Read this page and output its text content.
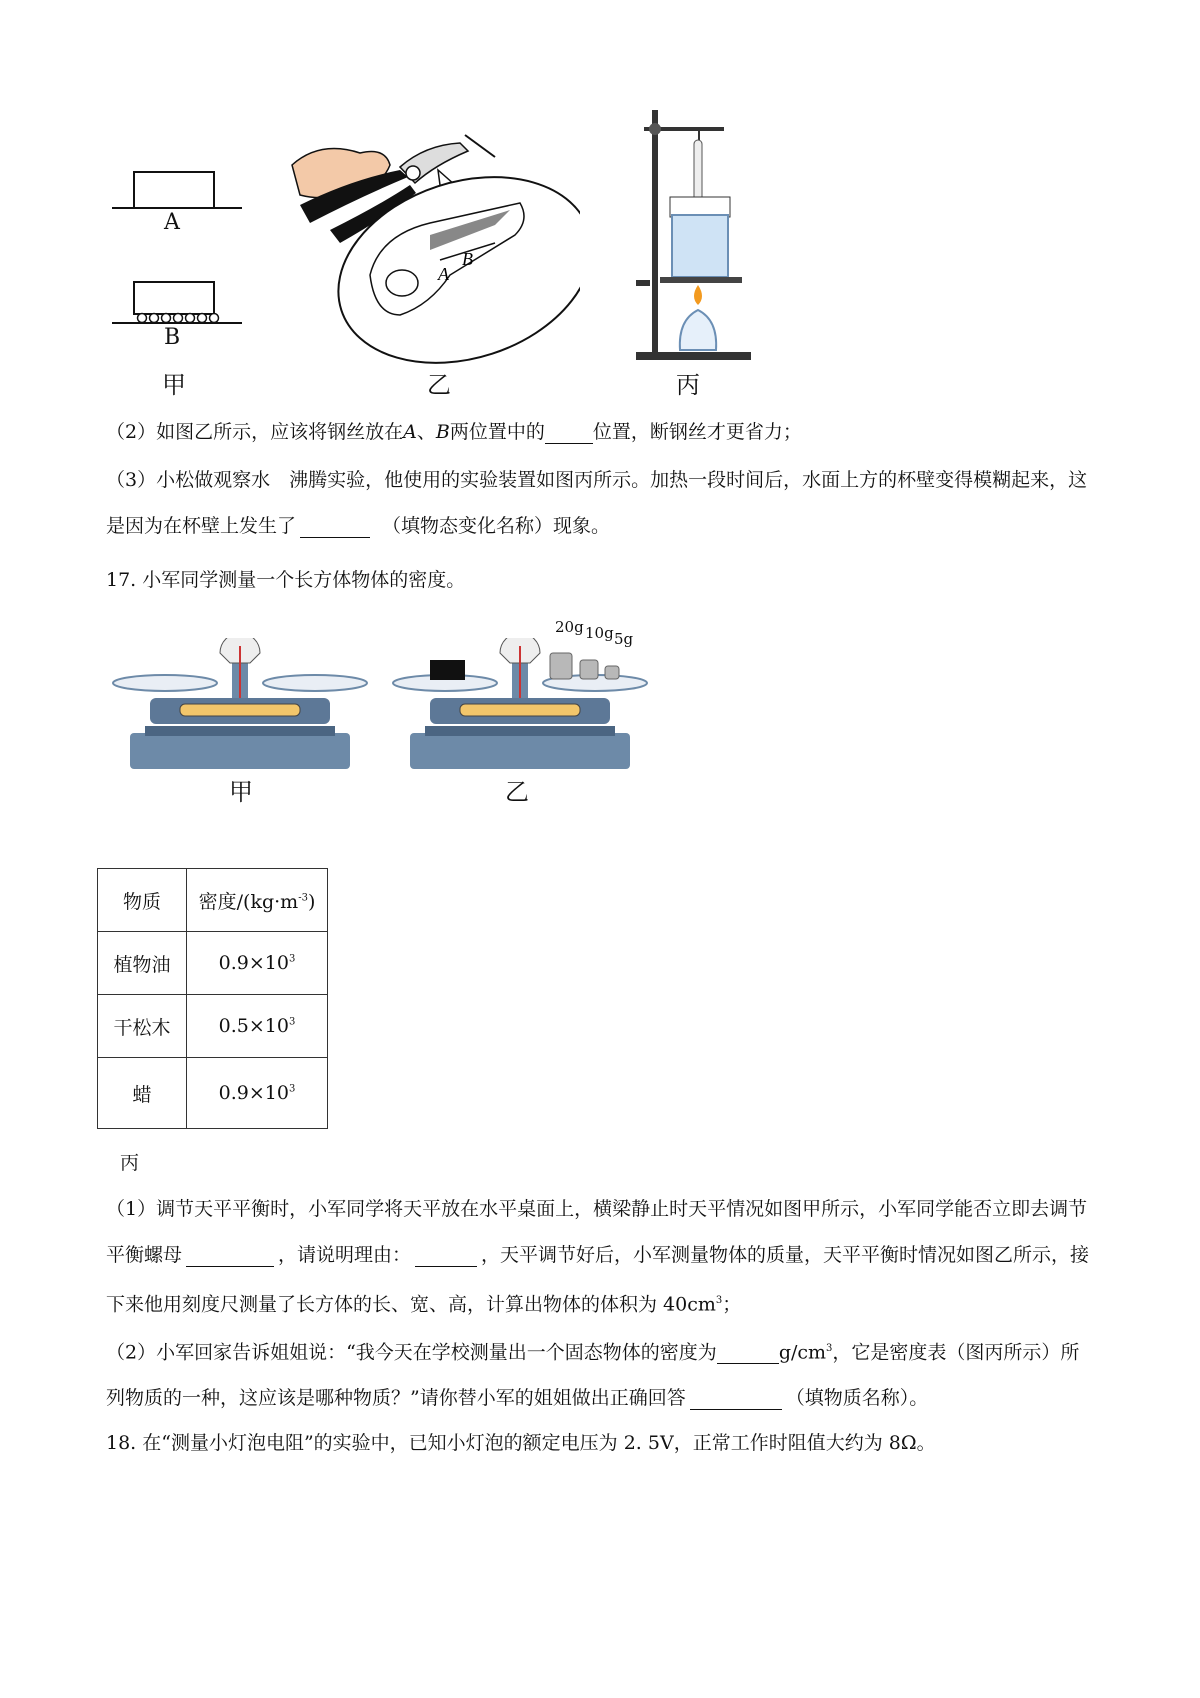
A
B
甲
A
B
乙	丙
（2）如图乙所示，应该将钢丝放在A、B两位置中的	位置，断钢丝才更省力；
（3）小松做观察水　沸腾实验，他使用的实验装置如图丙所示。加热一段时间后，水面上方的杯壁变得模糊起来，这是因为在杯壁上发生了	（填物态变化名称）现象。
17. 小军同学测量一个长方体物体的密度。
20g 10g 5g
甲	乙
物质	密度$/(kg\cdot m^{-3})$
植物油	$0.9\times 10^3$
干松木	$0.5\times 10^3$
蜡	$0.9\times 10^3$
丙
（1）调节天平平衡时，小军同学将天平放在水平桌面上，横梁静止时天平情况如图甲所示，小军同学能否立即去调节平衡螺母	，请说明理由：	，天平调节好后，小军测量物体的质量，天平平衡时情况如图乙所示，接下来他用刻度尺测量了长方体的长、宽、高，计算出物体的体积为 $40cm^3$；
（2）小军回家告诉姐姐说：“我今天在学校测量出一个固态物体的密度为	$g/cm^3$，它是密度表（图丙所示）所列物质的一种，这应该是哪种物质？”请你替小军的姐姐做出正确回答	（填物质名称）。
18. 在“测量小灯泡电阻”的实验中，已知小灯泡的额定电压为 2. 5V，正常工作时阻值大约为 8Ω。
